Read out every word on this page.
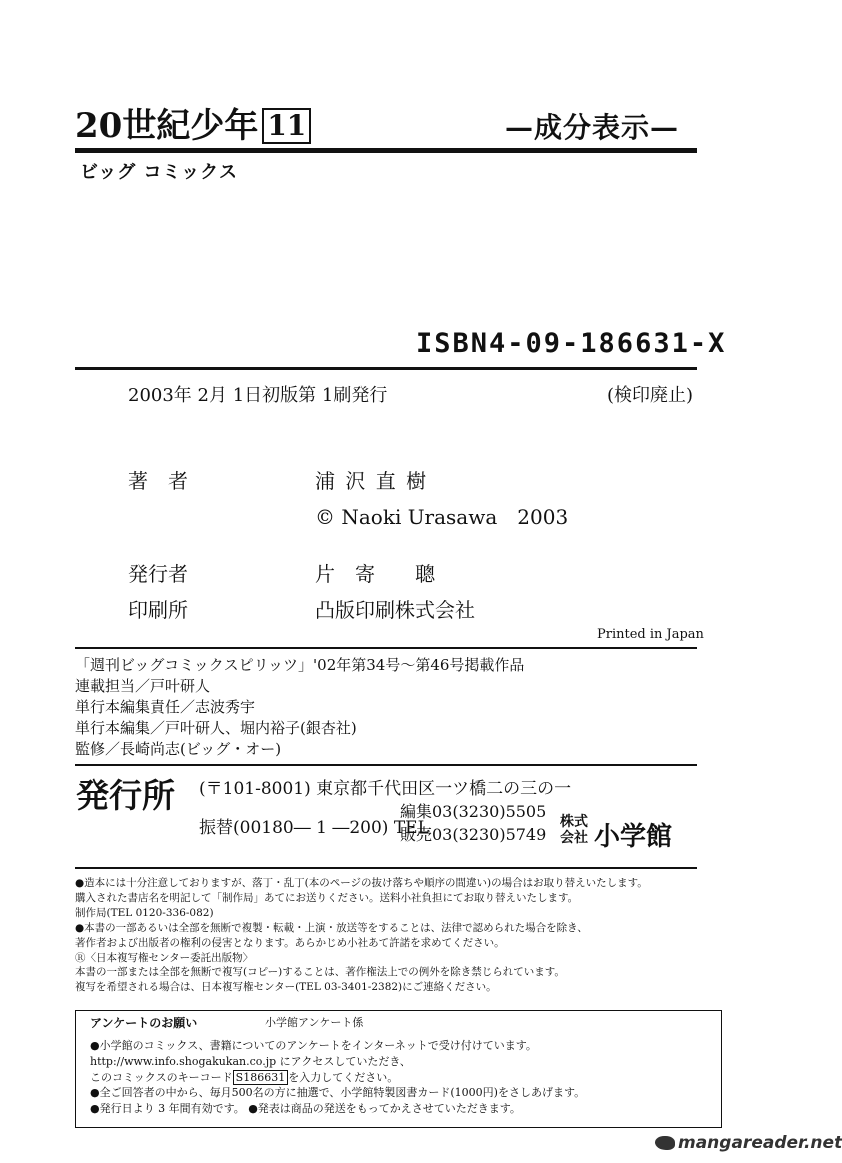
20世紀少年 11	—成分表示—
ビッグ コミックス
ISBN4-09-186631-X
2003年 2月 1日初版第 1刷発行	(検印廃止)
著　者	浦 沢 直 樹
© Naoki Urasawa　2003
発行者	片　寄　　聰
印刷所	凸版印刷株式会社
Printed in Japan
「週刊ビッグコミックスピリッツ」'02年第34号～第46号掲載作品
連載担当／戸叶研人
単行本編集責任／志波秀宇
単行本編集／戸叶研人、堀内裕子(銀杏社)
監修／長崎尚志(ビッグ・オー)
発行所 (〒101-8001) 東京都千代田区一ツ橋二の三の一
振替(00180― 1 ―200) TEL
編集03(3230)5505
販売03(3230)5749
株式
会社 小学館
●造本には十分注意しておりますが、落丁・乱丁(本のページの抜け落ちや順序の間違い)の場合はお取り替えいたします。
購入された書店名を明記して「制作局」あてにお送りください。送料小社負担にてお取り替えいたします。
制作局(TEL 0120-336-082)
●本書の一部あるいは全部を無断で複製・転載・上演・放送等をすることは、法律で認められた場合を除き、
著作者および出版者の権利の侵害となります。あらかじめ小社あて許諾を求めてください。
Ⓡ〈日本複写権センター委託出版物〉
本書の一部または全部を無断で複写(コピー)することは、著作権法上での例外を除き禁じられています。
複写を希望される場合は、日本複写権センター(TEL 03-3401-2382)にご連絡ください。
アンケートのお願い	小学館アンケート係
●小学館のコミックス、書籍についてのアンケートをインターネットで受け付けています。
http://www.info.shogakukan.co.jp にアクセスしていただき、
このコミックスのキーコード S186631 を入力してください。
●全ご回答者の中から、毎月500名の方に抽選で、小学館特製図書カード(1000円)をさしあげます。
●発行日より 3 年間有効です。 ●発表は商品の発送をもってかえさせていただきます。
mangareader.net
